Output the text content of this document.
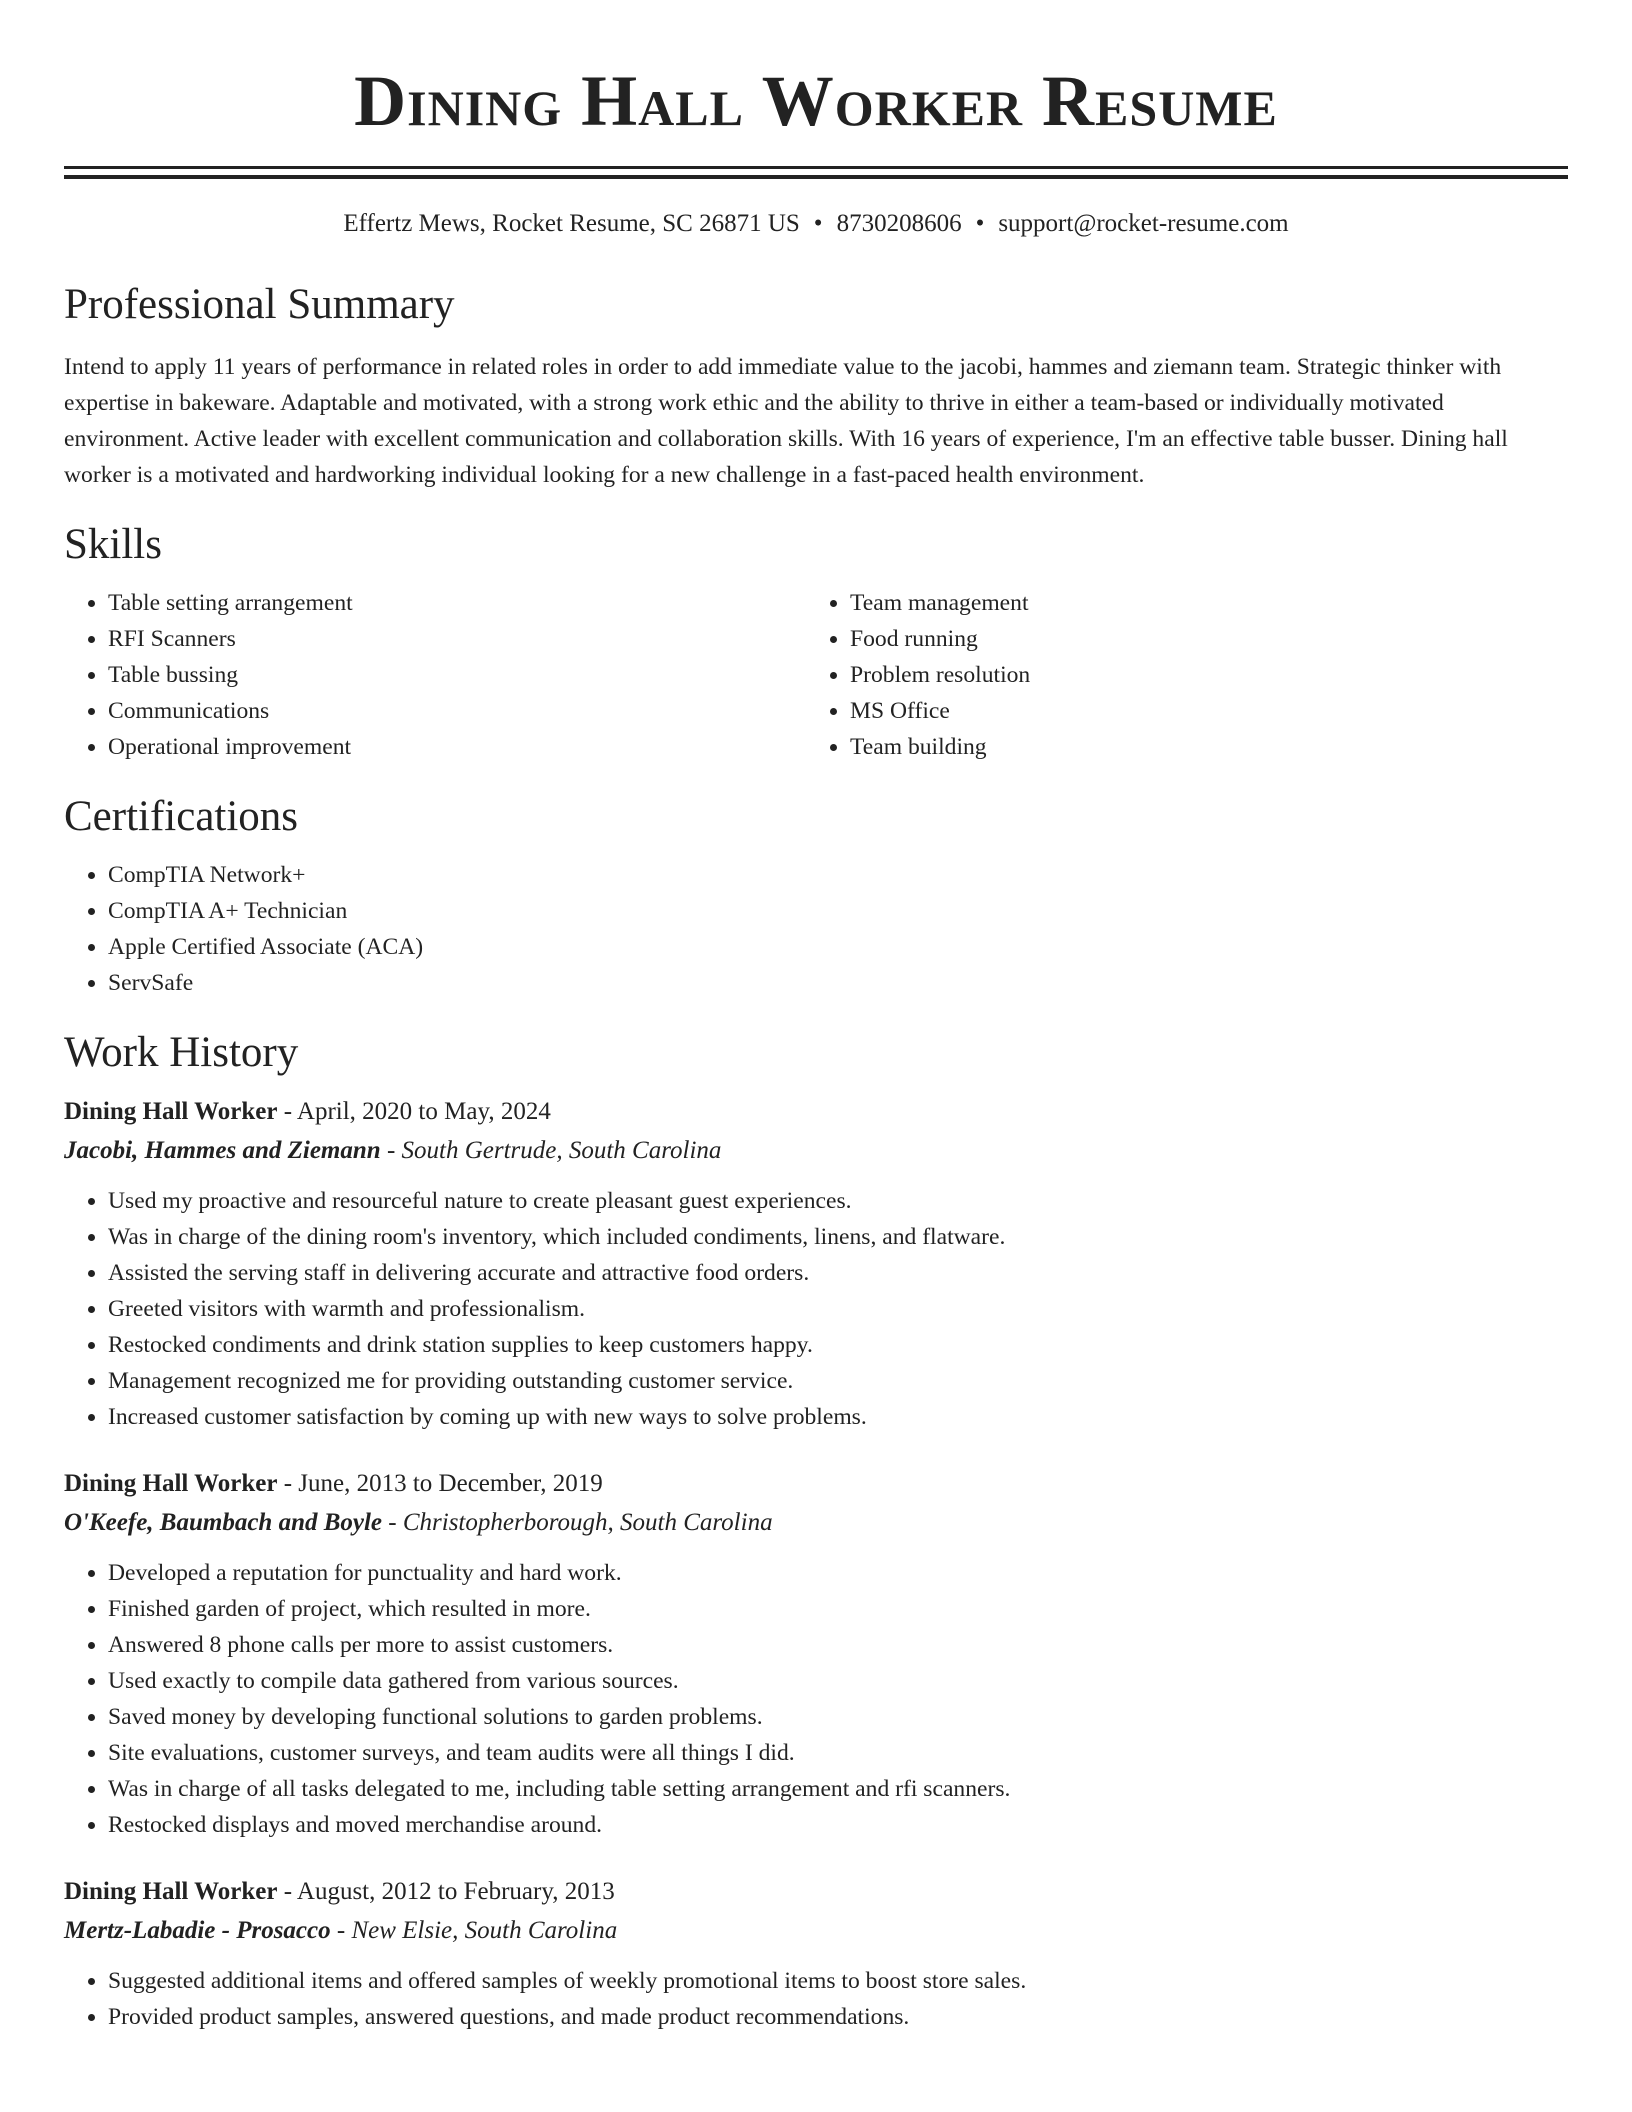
Dining Hall Worker Resume
Effertz Mews, Rocket Resume, SC 26871 US • 8730208606 • support@rocket-resume.com
Professional Summary

Intend to apply 11 years of performance in related roles in order to add immediate value to the jacobi, hammes and ziemann team. Strategic thinker with expertise in bakeware. Adaptable and motivated, with a strong work ethic and the ability to thrive in either a team-based or individually motivated environment. Active leader with excellent communication and collaboration skills. With 16 years of experience, I'm an effective table busser. Dining hall worker is a motivated and hardworking individual looking for a new challenge in a fast-paced health environment.

Skills
• Table setting arrangement
• RFI Scanners
• Table bussing
• Communications
• Operational improvement
• Team management
• Food running
• Problem resolution
• MS Office
• Team building
Certifications
• CompTIA Network+
• CompTIA A+ Technician
• Apple Certified Associate (ACA)
• ServSafe
Work History
Dining Hall Worker - April, 2020 to May, 2024
Jacobi, Hammes and Ziemann - South Gertrude, South Carolina
• Used my proactive and resourceful nature to create pleasant guest experiences.
• Was in charge of the dining room's inventory, which included condiments, linens, and flatware.
• Assisted the serving staff in delivering accurate and attractive food orders.
• Greeted visitors with warmth and professionalism.
• Restocked condiments and drink station supplies to keep customers happy.
• Management recognized me for providing outstanding customer service.
• Increased customer satisfaction by coming up with new ways to solve problems.
Dining Hall Worker - June, 2013 to December, 2019
O'Keefe, Baumbach and Boyle - Christopherborough, South Carolina
• Developed a reputation for punctuality and hard work.
• Finished garden of project, which resulted in more.
• Answered 8 phone calls per more to assist customers.
• Used exactly to compile data gathered from various sources.
• Saved money by developing functional solutions to garden problems.
• Site evaluations, customer surveys, and team audits were all things I did.
• Was in charge of all tasks delegated to me, including table setting arrangement and rfi scanners.
• Restocked displays and moved merchandise around.
Dining Hall Worker - August, 2012 to February, 2013
Mertz-Labadie - Prosacco - New Elsie, South Carolina
• Suggested additional items and offered samples of weekly promotional items to boost store sales.
• Provided product samples, answered questions, and made product recommendations.
